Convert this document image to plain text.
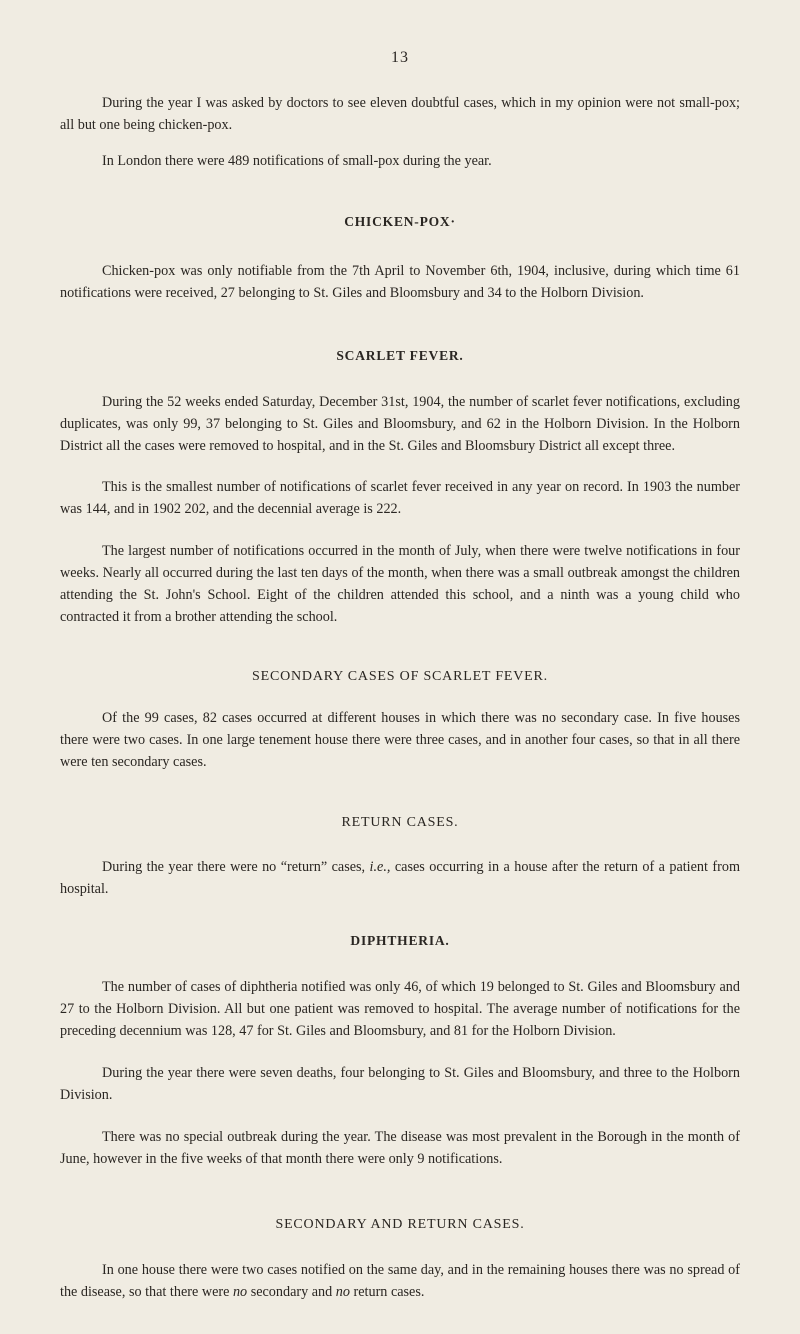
13

During the year I was asked by doctors to see eleven doubtful cases, which in my opinion were not small-pox; all but one being chicken-pox.

In London there were 489 notifications of small-pox during the year.

CHICKEN-POX·

Chicken-pox was only notifiable from the 7th April to November 6th, 1904, inclusive, during which time 61 notifications were received, 27 belonging to St. Giles and Bloomsbury and 34 to the Holborn Division.

SCARLET FEVER.

During the 52 weeks ended Saturday, December 31st, 1904, the number of scarlet fever notifications, excluding duplicates, was only 99, 37 belonging to St. Giles and Bloomsbury, and 62 in the Holborn Division. In the Holborn District all the cases were removed to hospital, and in the St. Giles and Bloomsbury District all except three.

This is the smallest number of notifications of scarlet fever received in any year on record. In 1903 the number was 144, and in 1902 202, and the decennial average is 222.

The largest number of notifications occurred in the month of July, when there were twelve notifications in four weeks. Nearly all occurred during the last ten days of the month, when there was a small outbreak amongst the children attending the St. John's School. Eight of the children attended this school, and a ninth was a young child who contracted it from a brother attending the school.

SECONDARY CASES OF SCARLET FEVER.

Of the 99 cases, 82 cases occurred at different houses in which there was no secondary case. In five houses there were two cases. In one large tenement house there were three cases, and in another four cases, so that in all there were ten secondary cases.

RETURN CASES.

During the year there were no “return” cases, i.e., cases occurring in a house after the return of a patient from hospital.

DIPHTHERIA.

The number of cases of diphtheria notified was only 46, of which 19 belonged to St. Giles and Bloomsbury and 27 to the Holborn Division. All but one patient was removed to hospital. The average number of notifications for the preceding decennium was 128, 47 for St. Giles and Bloomsbury, and 81 for the Holborn Division.

During the year there were seven deaths, four belonging to St. Giles and Bloomsbury, and three to the Holborn Division.

There was no special outbreak during the year. The disease was most prevalent in the Borough in the month of June, however in the five weeks of that month there were only 9 notifications.

SECONDARY AND RETURN CASES.

In one house there were two cases notified on the same day, and in the remaining houses there was no spread of the disease, so that there were no secondary and no return cases.
